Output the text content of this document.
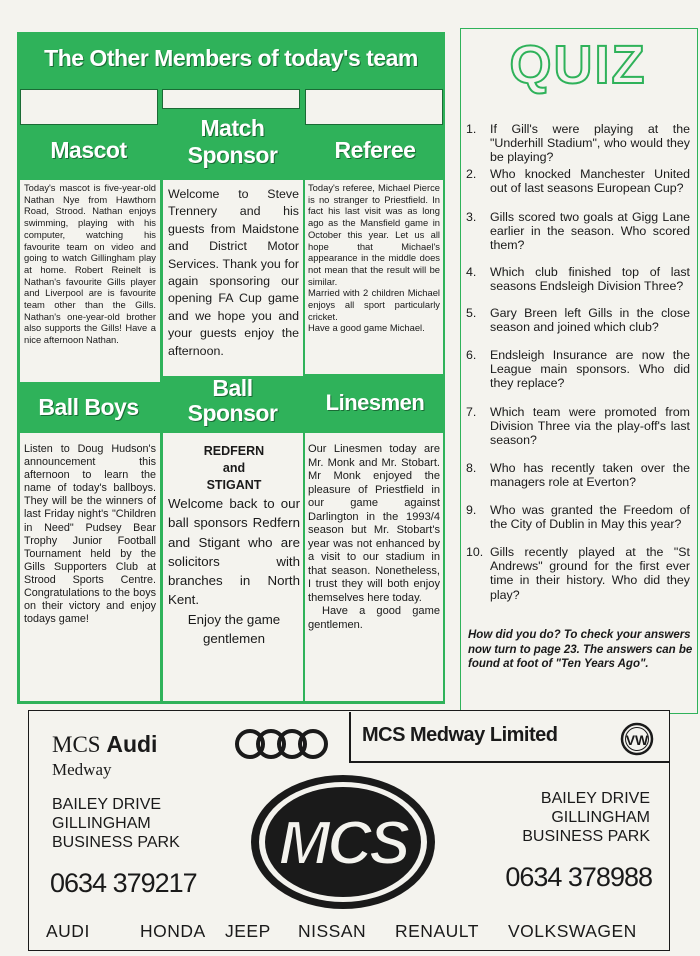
The Other Members of today's team
Mascot
Match
Sponsor	Referee
Today's mascot is five-year-old Nathan Nye from Hawthorn Road, Strood. Nathan enjoys swimming, playing with his computer, watching his favourite team on video and going to watch Gillingham play at home. Robert Reinelt is Nathan's favourite Gills player and Liverpool are is favourite team other than the Gills. Nathan's one-year-old brother also supports the Gills! Have a nice afternoon Nathan.
Welcome to Steve Trennery and his guests from Maidstone and District Motor Services. Thank you for again sponsoring our opening FA Cup game and we hope you and your guests enjoy the afternoon.
Today's referee, Michael Pierce is no stranger to Priestfield. In fact his last visit was as long ago as the Mansfield game in October this year. Let us all hope that Michael's appearance in the middle does not mean that the result will be similar.
Married with 2 children Michael enjoys all sport particularly cricket.
Have a good game Michael.
Ball Boys
Ball
Sponsor	Linesmen
Listen to Doug Hudson's announcement this afternoon to learn the name of today's ballboys. They will be the winners of last Friday night's "Children in Need" Pudsey Bear Trophy Junior Football Tournament held by the Gills Supporters Club at Strood Sports Centre. Congratulations to the boys on their victory and enjoy todays game!
REDFERN
and
STIGANT
Welcome back to our ball sponsors Redfern and Stigant who are solicitors with branches in North Kent.
Enjoy the game gentlemen
Our Linesmen today are Mr. Monk and Mr. Stobart. Mr Monk enjoyed the pleasure of Priestfield in our game against Darlington in the 1993/4 season but Mr. Stobart's year was not enhanced by a visit to our stadium in that season. Nonetheless, I trust they will both enjoy themselves here today.
Have a good game gentlemen.
QUIZ
1.	If Gill's were playing at the "Underhill Stadium", who would they be playing?
2.	Who knocked Manchester United out of last seasons European Cup?
3.	Gills scored two goals at Gigg Lane earlier in the season. Who scored them?
4.	Which club finished top of last seasons Endsleigh Division Three?
5.	Gary Breen left Gills in the close season and joined which club?
6.	Endsleigh Insurance are now the League main sponsors. Who did they replace?
7.	Which team were promoted from Division Three via the play-off's last season?
8.	Who has recently taken over the managers role at Everton?
9.	Who was granted the Freedom of the City of Dublin in May this year?
10. Gills recently played at the "St Andrews" ground for the first ever time in their history. Who did they play?
How did you do? To check your answers now turn to page 23. The answers can be found at foot of "Ten Years Ago".
MCS Audi
Medway
BAILEY DRIVE
GILLINGHAM
BUSINESS PARK
0634 379217
MCS Medway Limited	VW
BAILEY DRIVE
GILLINGHAM
BUSINESS PARK
0634 378988
MCS
AUDI	HONDA JEEP NISSAN RENAULT VOLKSWAGEN
